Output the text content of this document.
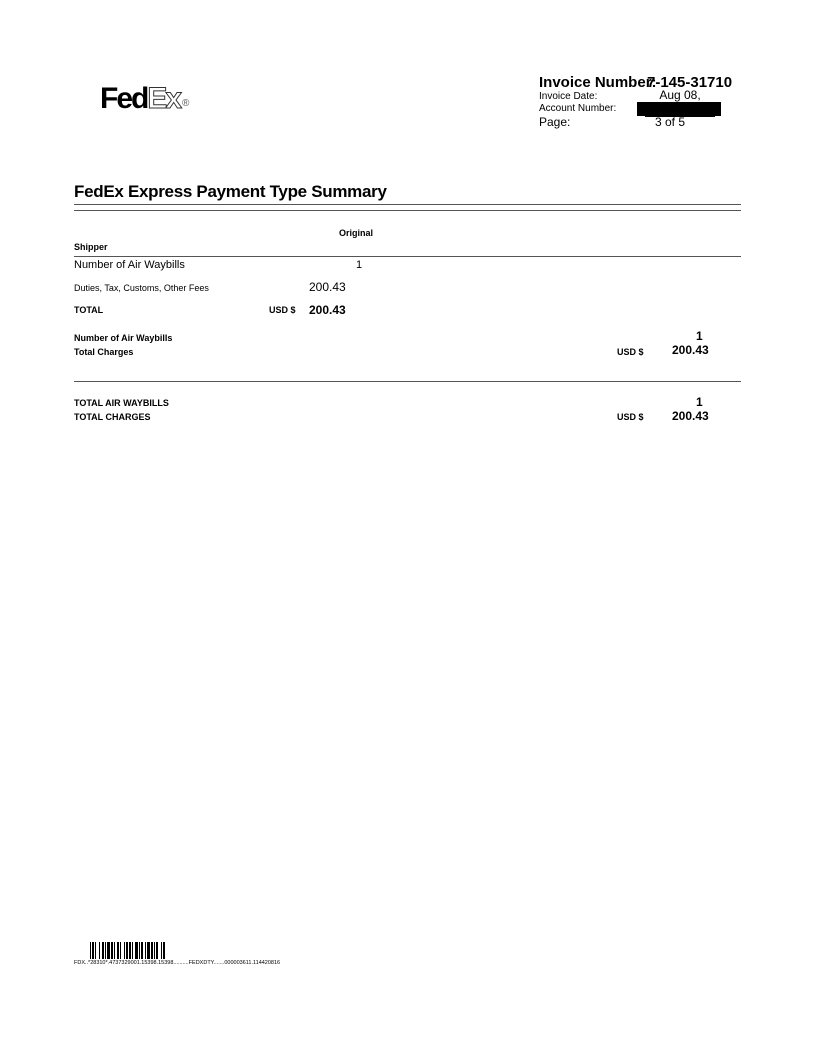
FedEx ®
Invoice Number:
7-145-31710
Invoice Date:	Aug 08,
Account Number:
Page:	3 of 5
FedEx Express Payment Type Summary
Original
Shipper
Number of Air Waybills	1
Duties, Tax, Customs, Other Fees	200.43
TOTAL	USD $ 200.43
Number of Air Waybills	1
Total Charges	USD $ 200.43
TOTAL AIR WAYBILLS	1
TOTAL CHARGES	USD $ 200.43
FDX..*28310*.4737329001.15398.15398..........FEDXDTY.......000003611.114420816
